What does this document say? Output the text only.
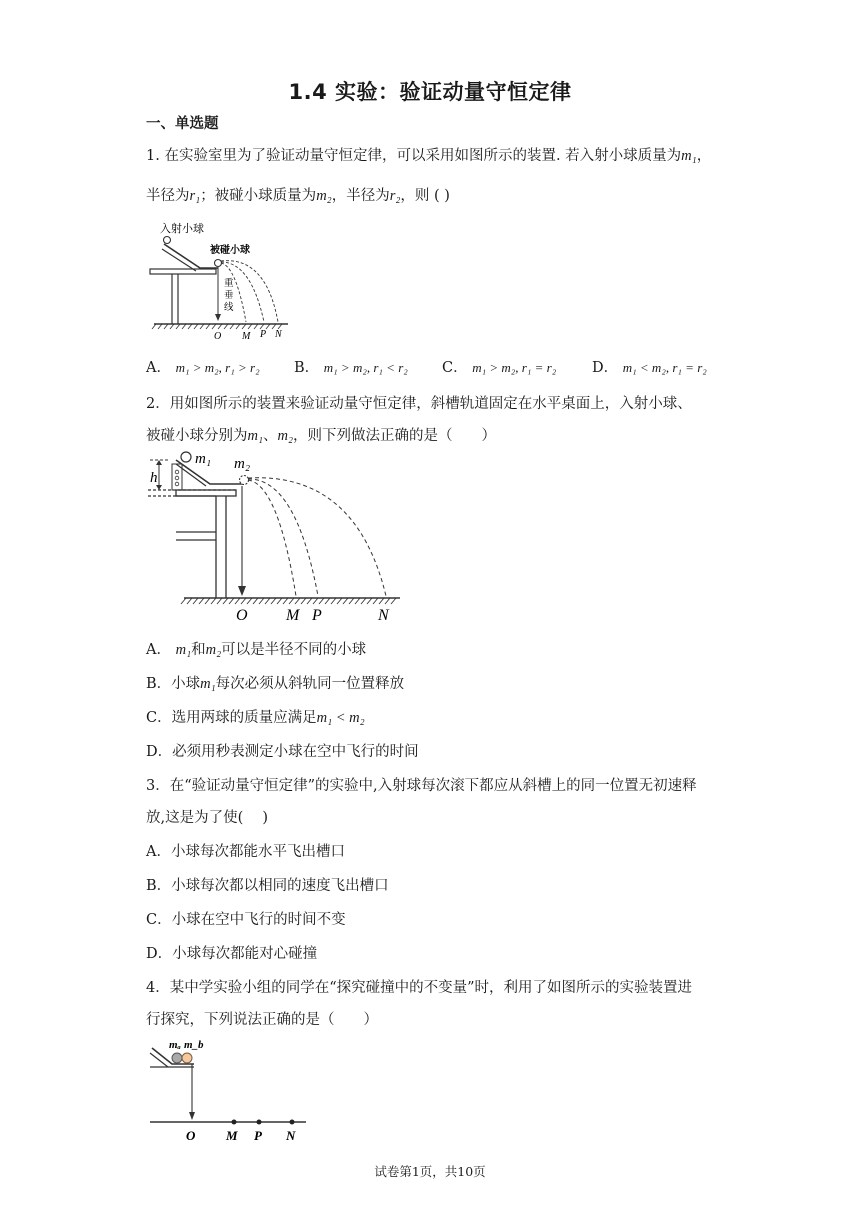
1.4 实验：验证动量守恒定律
一、单选题
1. 在实验室里为了验证动量守恒定律，可以采用如图所示的装置. 若入射小球质量为m₁，
半径为r₁；被碰小球质量为m₂，半径为r₂，则 ( )
入射小球
被碰小球
重
垂
线
O M P N
A． m₁ > m₂, r₁ > r₂ B． m₁ > m₂, r₁ < r₂ C． m₁ > m₂, r₁ = r₂ D． m₁ < m₂, r₁ = r₂
2．用如图所示的装置来验证动量守恒定律，斜槽轨道固定在水平桌面上，入射小球、
被碰小球分别为m₁、m₂，则下列做法正确的是（　　）
h
m₁ m₂
O M P	N
A． m₁和m₂可以是半径不同的小球
B．小球m₁每次必须从斜轨同一位置释放
C．选用两球的质量应满足m₁ < m₂
D．必须用秒表测定小球在空中飞行的时间
3．在“验证动量守恒定律”的实验中,入射球每次滚下都应从斜槽上的同一位置无初速释
放,这是为了使(　 )
A．小球每次都能水平飞出槽口
B．小球每次都以相同的速度飞出槽口
C．小球在空中飞行的时间不变
D．小球每次都能对心碰撞
4．某中学实验小组的同学在“探究碰撞中的不变量”时，利用了如图所示的实验装置进
行探究，下列说法正确的是（　　）
mₐ m_b
O M P N
试卷第1页，共10页
